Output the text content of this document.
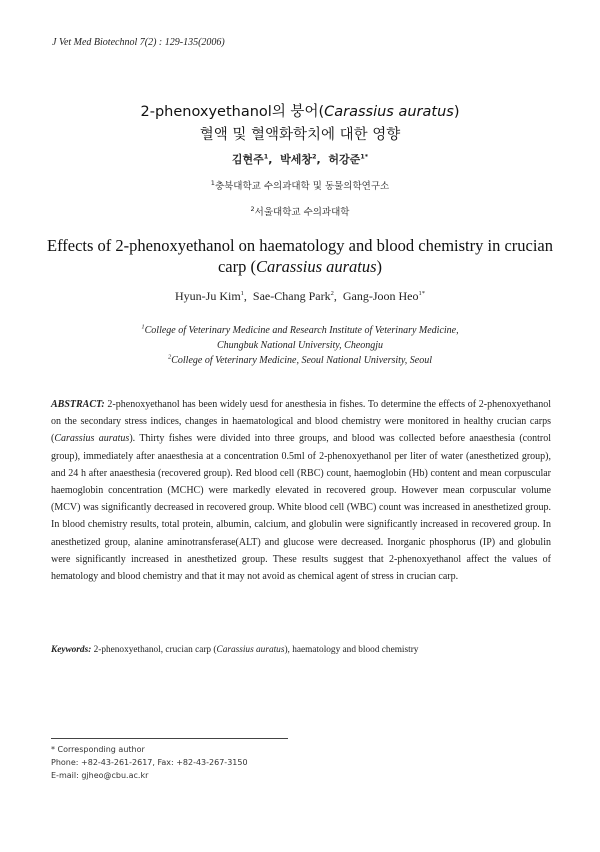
J Vet Med Biotechnol 7(2) : 129-135(2006)
2-phenoxyethanol의 붕어(Carassius auratus)
혈액 및 혈액화학치에 대한 영향
김현주$^1$,  박세창$^2$,  허강준$^{1*}$
$^1$충북대학교 수의과대학 및 동물의학연구소
$^2$서울대학교 수의과대학
Effects of 2-phenoxyethanol on haematology and blood chemistry in crucian carp (Carassius auratus)
Hyun-Ju Kim$^1$,  Sae-Chang Park$^2$,  Gang-Joon Heo$^{1*}$
$^1$College of Veterinary Medicine and Research Institute of Veterinary Medicine,
Chungbuk National University, Cheongju
$^2$College of Veterinary Medicine, Seoul National University, Seoul
ABSTRACT: 2-phenoxyethanol has been widely uesd for anesthesia in fishes. To determine the effects of 2-phenoxyethanol on the secondary stress indices, changes in haematological and blood chemistry were monitored in healthy crucian carps (Carassius auratus). Thirty fishes were divided into three groups, and blood was collected before anaesthesia (control group), immediately after anaesthesia at a concentration 0.5ml of 2-phenoxyethanol per liter of water (anesthetized group), and 24 h after anaesthesia (recovered group). Red blood cell (RBC) count, haemoglobin (Hb) content and mean corpuscular haemoglobin concentration (MCHC) were markedly elevated in recovered group. However mean corpuscular volume (MCV) was significantly decreased in recovered group. White blood cell (WBC) count was increased in anesthetized group. In blood chemistry results, total protein, albumin, calcium, and globulin were significantly increased in recovered group. In anesthetized group, alanine aminotransferase(ALT) and glucose were decreased. Inorganic phosphorus (IP) and globulin were significantly increased in anesthetized group. These results suggest that 2-phenoxyethanol affect the values of hematology and blood chemistry and that it may not avoid as chemical agent of stress in crucian carp.
Keywords: 2-phenoxyethanol, crucian carp (Carassius auratus), haematology and blood chemistry
* Corresponding author
Phone: +82-43-261-2617, Fax: +82-43-267-3150
E-mail: gjheo@cbu.ac.kr
